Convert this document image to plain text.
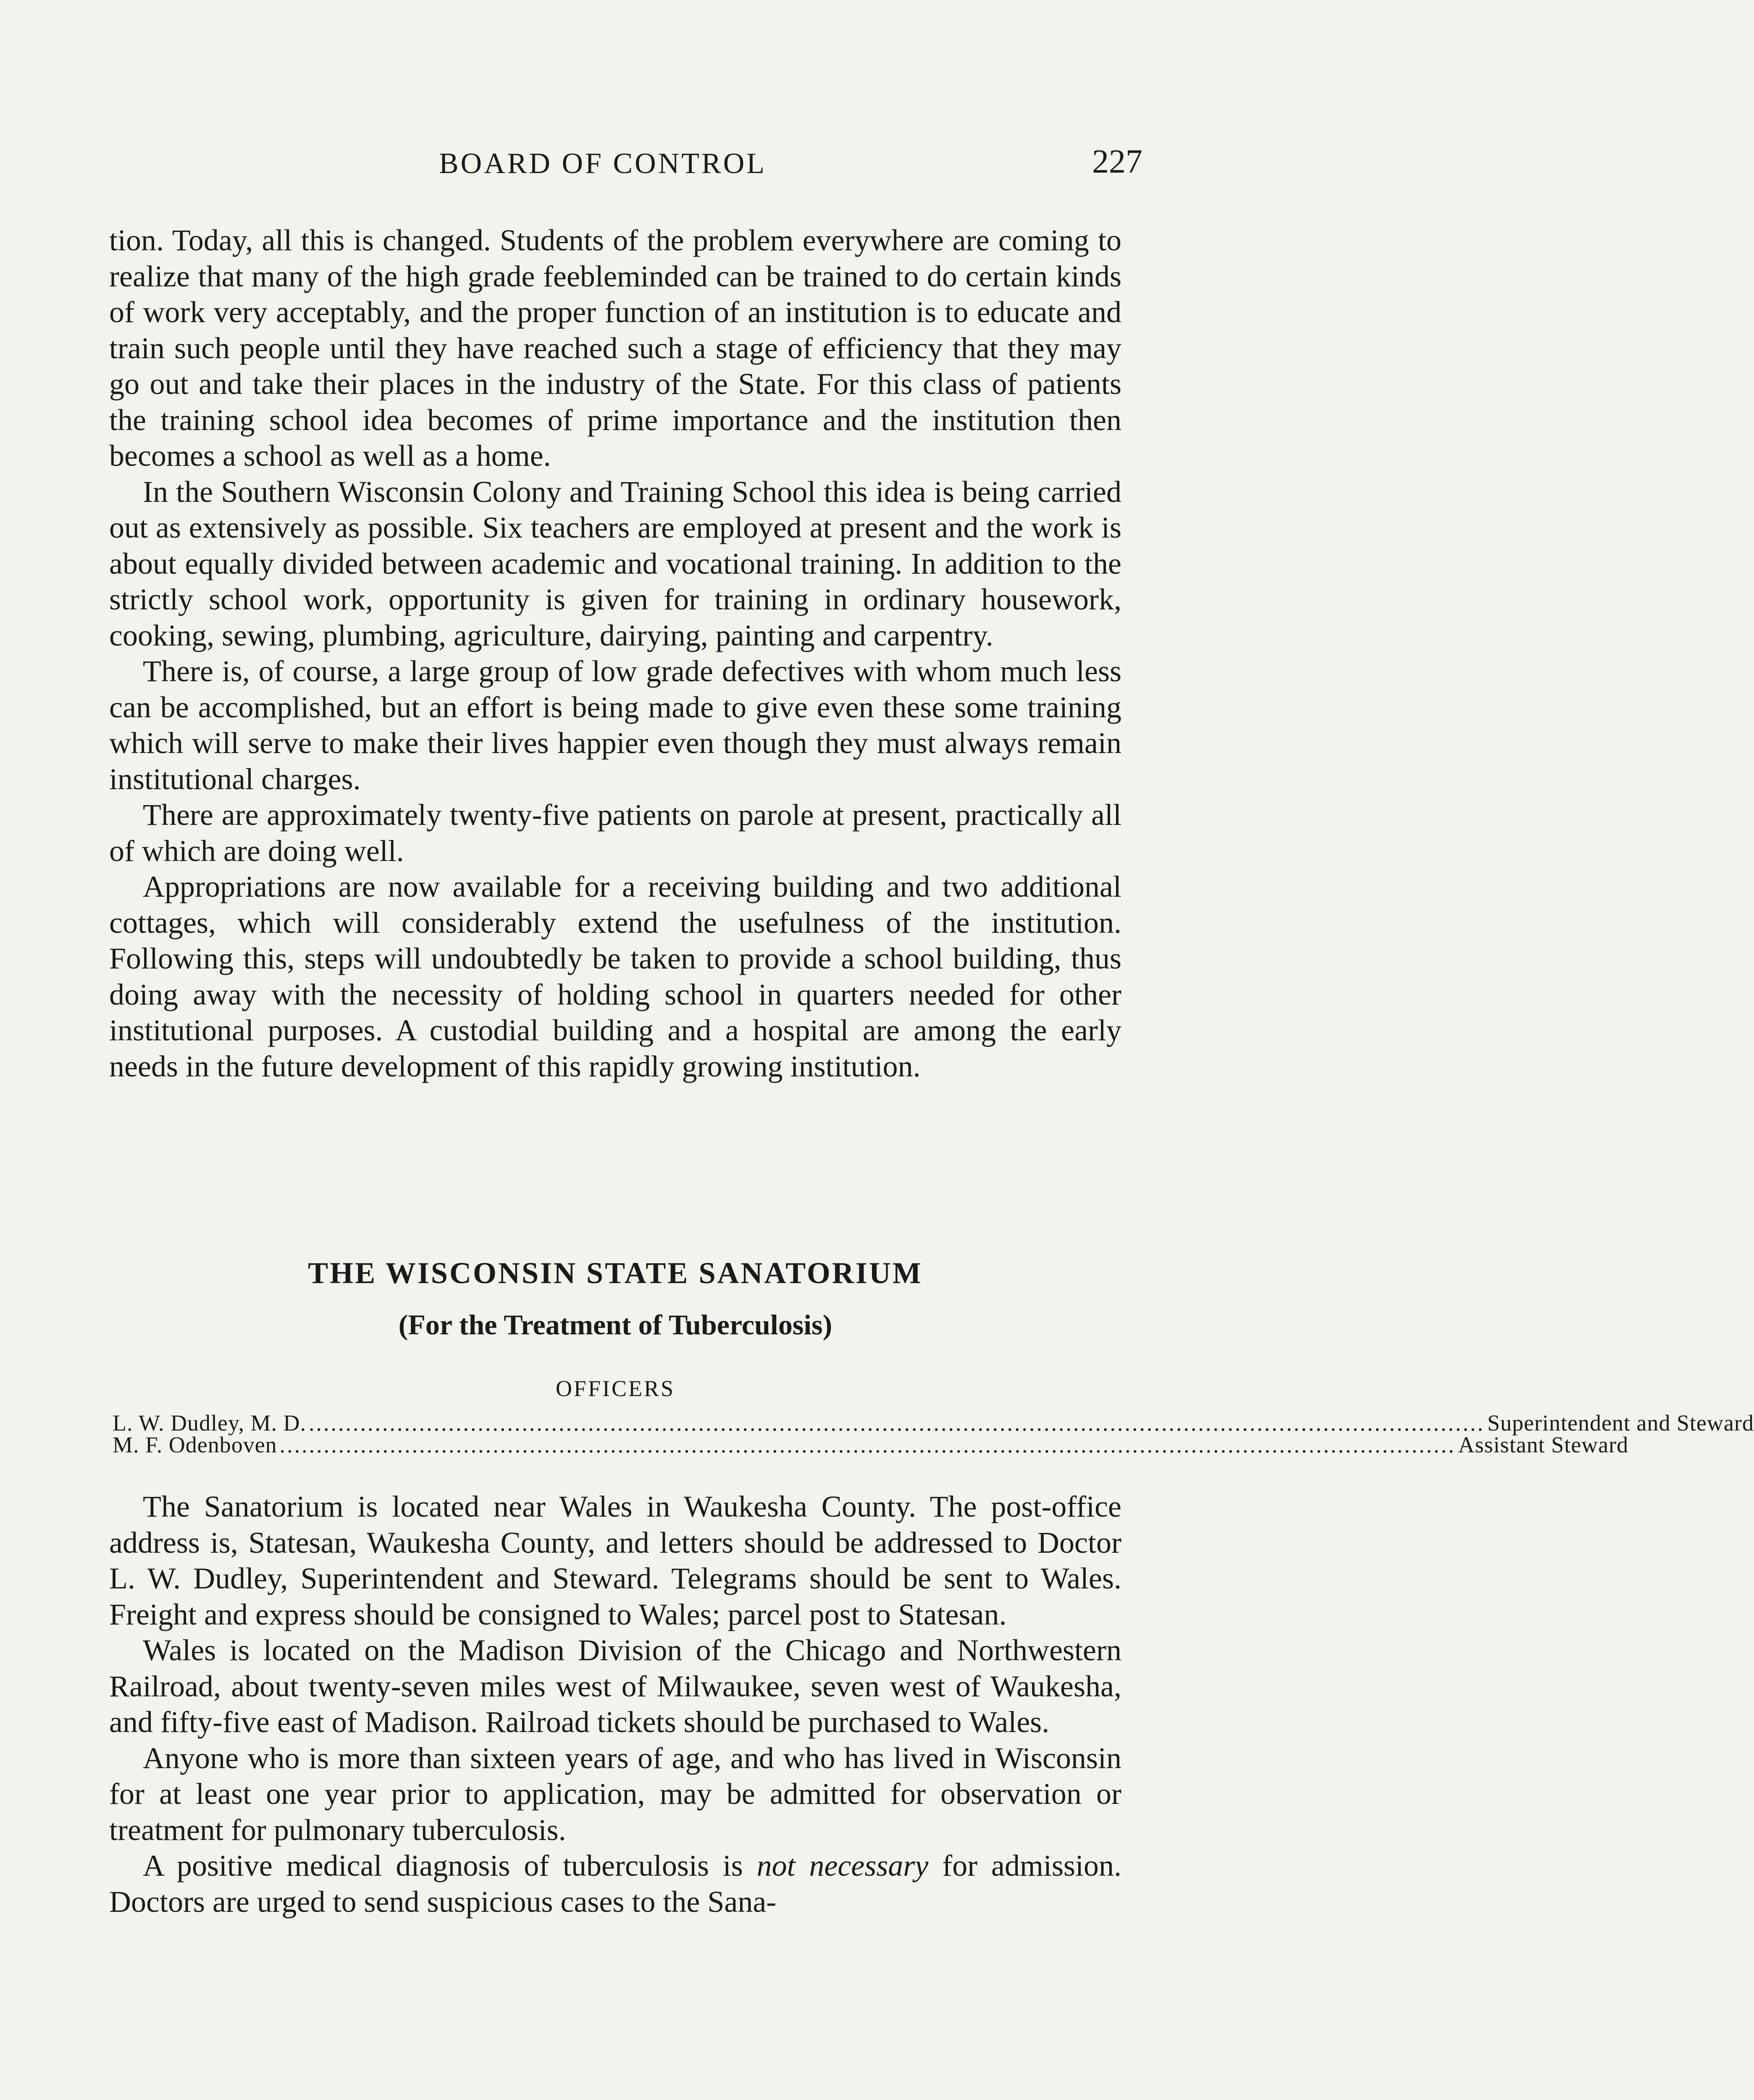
BOARD OF CONTROL	227

tion. Today, all this is changed. Students of the problem everywhere are coming to realize that many of the high grade feebleminded can be trained to do certain kinds of work very acceptably, and the proper function of an institution is to educate and train such people until they have reached such a stage of efficiency that they may go out and take their places in the industry of the State. For this class of patients the training school idea becomes of prime importance and the institution then becomes a school as well as a home.

In the Southern Wisconsin Colony and Training School this idea is being carried out as extensively as possible. Six teachers are employed at present and the work is about equally divided between academic and vocational training. In addition to the strictly school work, opportunity is given for training in ordinary housework, cooking, sewing, plumbing, agriculture, dairying, painting and carpentry.

There is, of course, a large group of low grade defectives with whom much less can be accomplished, but an effort is being made to give even these some training which will serve to make their lives happier even though they must always remain institutional charges.

There are approximately twenty-five patients on parole at present, practically all of which are doing well.

Appropriations are now available for a receiving building and two additional cottages, which will considerably extend the usefulness of the institution. Following this, steps will undoubtedly be taken to provide a school building, thus doing away with the necessity of holding school in quarters needed for other institutional purposes. A custodial building and a hospital are among the early needs in the future development of this rapidly growing institution.

THE WISCONSIN STATE SANATORIUM
(For the Treatment of Tuberculosis)
OFFICERS
L. W. Dudley, M. D. ................................................................................................................................................................ Superintendent and Steward
M. F. Odenboven ................................................................................................................................................................ Assistant Steward

The Sanatorium is located near Wales in Waukesha County. The post-office address is, Statesan, Waukesha County, and letters should be addressed to Doctor L. W. Dudley, Superintendent and Steward. Telegrams should be sent to Wales. Freight and express should be consigned to Wales; parcel post to Statesan.

Wales is located on the Madison Division of the Chicago and Northwestern Railroad, about twenty-seven miles west of Milwaukee, seven west of Waukesha, and fifty-five east of Madison. Railroad tickets should be purchased to Wales.

Anyone who is more than sixteen years of age, and who has lived in Wisconsin for at least one year prior to application, may be admitted for observation or treatment for pulmonary tuberculosis.

A positive medical diagnosis of tuberculosis is not necessary for admission. Doctors are urged to send suspicious cases to the Sana-
